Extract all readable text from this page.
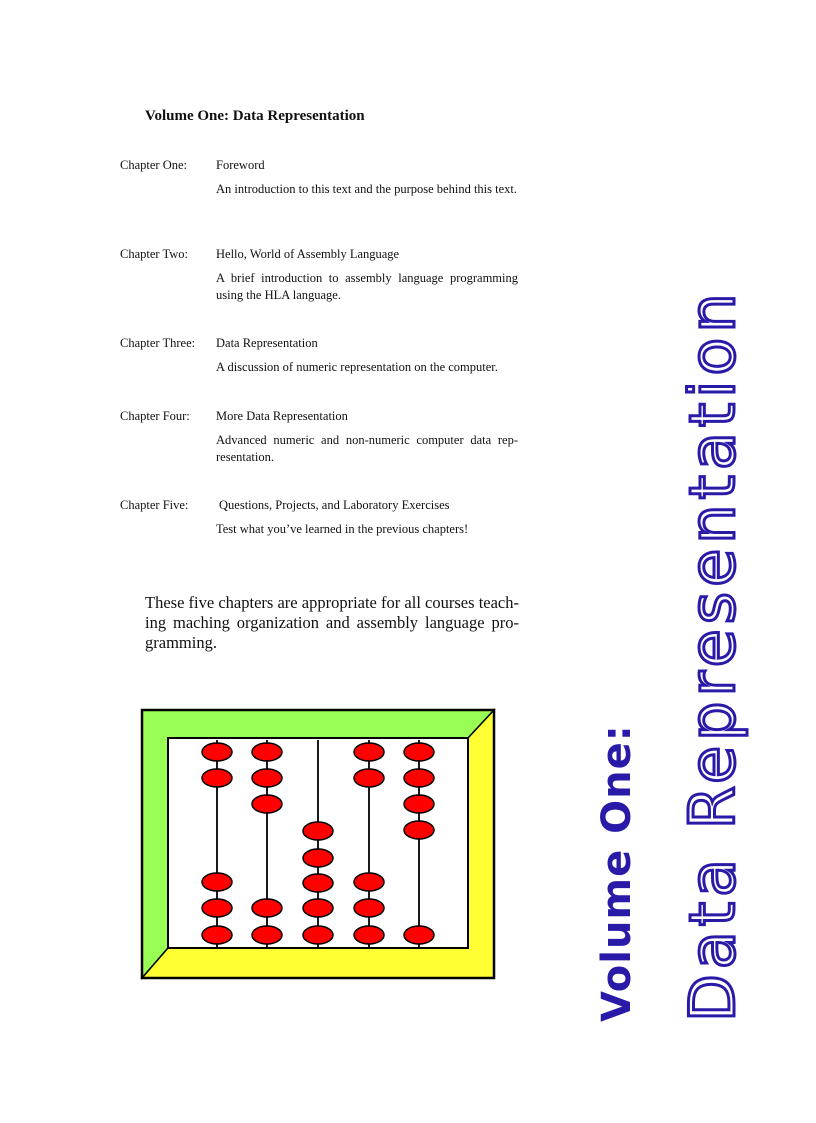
Volume One: Data Representation
Chapter One: Foreword
An introduction to this text and the purpose behind this text.
Chapter Two: Hello, World of Assembly Language
A brief introduction to assembly language programming using the HLA language.
Chapter Three: Data Representation
A discussion of numeric representation on the computer.
Chapter Four: More Data Representation
Advanced numeric and non-numeric computer data rep-resentation.
Chapter Five: Questions, Projects, and Laboratory Exercises
Test what you’ve learned in the previous chapters!

These five chapters are appropriate for all courses teach-ing maching organization and assembly language pro-gramming.

Volume One: Data Representation
